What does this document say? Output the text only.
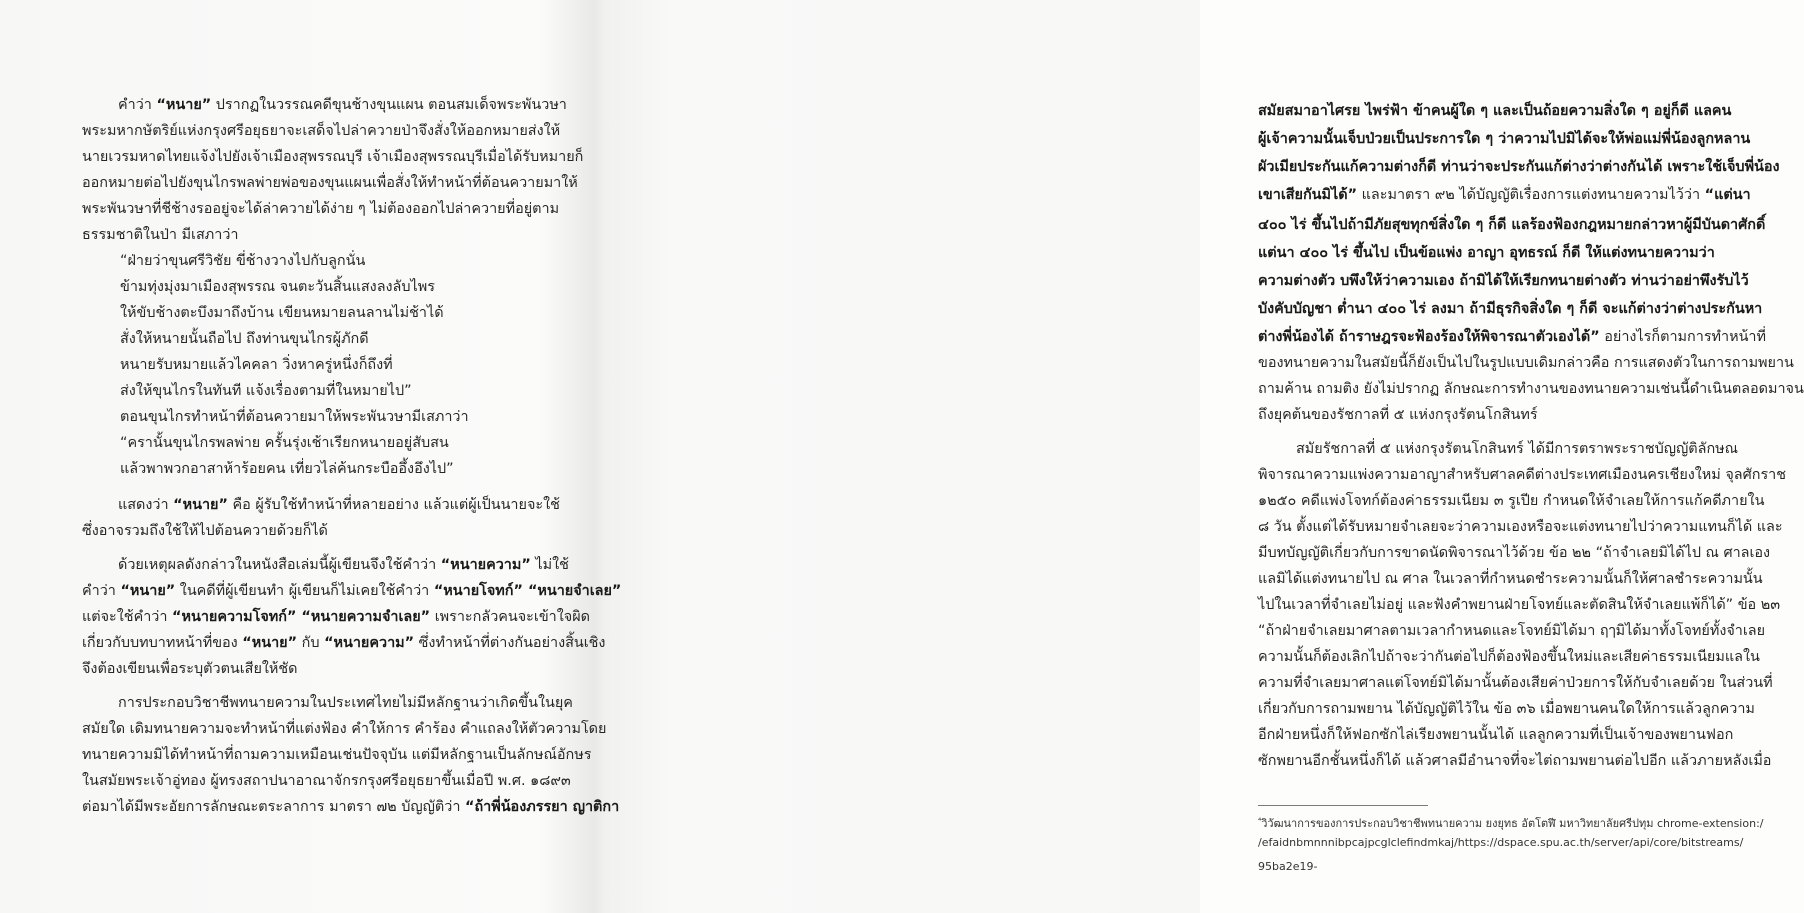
คำว่า “หนาย” ปรากฏในวรรณคดีขุนช้างขุนแผน ตอนสมเด็จพระพันวษา
พระมหากษัตริย์แห่งกรุงศรีอยุธยาจะเสด็จไปล่าควายป่าจึงสั่งให้ออกหมายส่งให้
นายเวรมหาดไทยแจ้งไปยังเจ้าเมืองสุพรรณบุรี เจ้าเมืองสุพรรณบุรีเมื่อได้รับหมายก็
ออกหมายต่อไปยังขุนไกรพลพ่ายพ่อของขุนแผนเพื่อสั่งให้ทำหน้าที่ต้อนควายมาให้
พระพันวษาที่ชีช้างรออยู่จะได้ล่าควายได้ง่าย ๆ ไม่ต้องออกไปล่าควายที่อยู่ตาม
ธรรมชาติในป่า มีเสภาว่า
“ฝ่ายว่าขุนศรีวิชัย ขี่ช้างวางไปกับลูกนั่น
ข้ามทุ่งมุ่งมาเมืองสุพรรณ จนตะวันสิ้นแสงลงลับไพร
ให้ขับช้างตะบึงมาถึงบ้าน เขียนหมายลนลานไม่ช้าได้
สั่งให้หนายนั้นถือไป ถึงท่านขุนไกรผู้ภักดี
หนายรับหมายแล้วไคคลา วิ่งหาครู่หนึ่งก็ถึงที่
ส่งให้ขุนไกรในทันที แจ้งเรื่องตามที่ในหมายไป”
ตอนขุนไกรทำหน้าที่ต้อนควายมาให้พระพันวษามีเสภาว่า
“ครานั้นขุนไกรพลพ่าย ครั้นรุ่งเช้าเรียกหนายอยู่สับสน
แล้วพาพวกอาสาห้าร้อยคน เที่ยวไล่ค้นกระบืออึ้งอึงไป”
แสดงว่า “หนาย” คือ ผู้รับใช้ทำหน้าที่หลายอย่าง แล้วแต่ผู้เป็นนายจะใช้
ซึ่งอาจรวมถึงใช้ให้ไปต้อนควายด้วยก็ได้
ด้วยเหตุผลดังกล่าวในหนังสือเล่มนี้ผู้เขียนจึงใช้คำว่า “หนายความ” ไม่ใช้
คำว่า “หนาย” ในคดีที่ผู้เขียนทำ ผู้เขียนก็ไม่เคยใช้คำว่า “หนายโจทก์” “หนายจำเลย”
แต่จะใช้คำว่า “หนายความโจทก์” “หนายความจำเลย” เพราะกลัวคนจะเข้าใจผิด
เกี่ยวกับบทบาทหน้าที่ของ “หนาย” กับ “หนายความ” ซึ่งทำหน้าที่ต่างกันอย่างสิ้นเชิง
จึงต้องเขียนเพื่อระบุตัวตนเสียให้ชัด
การประกอบวิชาชีพทนายความในประเทศไทยไม่มีหลักฐานว่าเกิดขึ้นในยุค
สมัยใด เดิมทนายความจะทำหน้าที่แต่งฟ้อง คำให้การ คำร้อง คำแถลงให้ตัวความโดย
ทนายความมิได้ทำหน้าที่ถามความเหมือนเช่นปัจจุบัน แต่มีหลักฐานเป็นลักษณ์อักษร
ในสมัยพระเจ้าอู่ทอง ผู้ทรงสถาปนาอาณาจักรกรุงศรีอยุธยาขึ้นเมื่อปี พ.ศ. ๑๘๙๓
ต่อมาได้มีพระอัยการลักษณะตระลาการ มาตรา ๗๒ บัญญัติว่า “ถ้าพี่น้องภรรยา ญาติกา
$^{^4}$วิวัฒนาการของการประกอบวิชาชีพทนายความ ยงยุทธ อัตโตฬี มหาวิทยาลัยศรีปทุม chrome-extension:/
/efaidnbmnnnibpcajpcglclefindmkaj/https://dspace.spu.ac.th/server/api/core/bitstreams/
95ba2e19-
สมัยสมาอาไศรย ไพร่ฟ้า ข้าคนผู้ใด ๆ และเป็นถ้อยความสิ่งใด ๆ อยู่ก็ดี แลคน
ผู้เจ้าความนั้นเจ็บป่วยเป็นประการใด ๆ ว่าความไปมิได้จะให้พ่อแม่พี่น้องลูกหลาน
ผัวเมียประกันแก้ความต่างก็ดี ท่านว่าจะประกันแก้ต่างว่าต่างกันได้ เพราะใช้เจ็บพี่น้อง
เขาเสียกันมิได้” และมาตรา ๙๒ ได้บัญญัติเรื่องการแต่งทนายความไว้ว่า “แต่นา
๔๐๐ ไร่ ขึ้นไปถ้ามีภัยสุขทุกข์สิ่งใด ๆ ก็ดี แลร้องฟ้องกฎหมายกล่าวหาผู้มีบันดาศักดิ์
แต่นา ๔๐๐ ไร่ ขึ้นไป เป็นข้อแพ่ง อาญา อุทธรณ์ ก็ดี ให้แต่งทนายความว่า
ความต่างตัว บพึงให้ว่าความเอง ถ้ามิได้ให้เรียกทนายต่างตัว ท่านว่าอย่าพึงรับไว้
บังคับบัญชา ต่ำนา ๔๐๐ ไร่ ลงมา ถ้ามีธุรกิจสิ่งใด ๆ ก็ดี จะแก้ต่างว่าต่างประกันหา
ต่างพี่น้องได้ ถ้าราษฎรจะฟ้องร้องให้พิจารณาตัวเองได้” อย่างไรก็ตามการทำหน้าที่
ของทนายความในสมัยนี้ก็ยังเป็นไปในรูปแบบเดิมกล่าวคือ การแสดงตัวในการถามพยาน
ถามค้าน ถามติง ยังไม่ปรากฏ ลักษณะการทำงานของทนายความเช่นนี้ดำเนินตลอดมาจน
ถึงยุคต้นของรัชกาลที่ ๕ แห่งกรุงรัตนโกสินทร์
สมัยรัชกาลที่ ๕ แห่งกรุงรัตนโกสินทร์ ได้มีการตราพระราชบัญญัติลักษณ
พิจารณาความแพ่งความอาญาสำหรับศาลคดีต่างประเทศเมืองนครเชียงใหม่ จุลศักราช
๑๒๕๐ คดีแพ่งโจทก์ต้องค่าธรรมเนียม ๓ รูเปีย กำหนดให้จำเลยให้การแก้คดีภายใน
๘ วัน ตั้งแต่ได้รับหมายจำเลยจะว่าความเองหรือจะแต่งทนายไปว่าความแทนก็ได้ และ
มีบทบัญญัติเกี่ยวกับการขาดนัดพิจารณาไว้ด้วย ข้อ ๒๒ “ถ้าจำเลยมิได้ไป ณ ศาลเอง
แลมิได้แต่งทนายไป ณ ศาล ในเวลาที่กำหนดชำระความนั้นก็ให้ศาลชำระความนั้น
ไปในเวลาที่จำเลยไม่อยู่ และฟังคำพยานฝ่ายโจทย์และตัดสินให้จำเลยแพ้ก็ได้” ข้อ ๒๓
“ถ้าฝ่ายจำเลยมาศาลตามเวลากำหนดและโจทย์มิได้มา ฤๅมิได้มาทั้งโจทย์ทั้งจำเลย
ความนั้นก็ต้องเลิกไปถ้าจะว่ากันต่อไปก็ต้องฟ้องขึ้นใหม่และเสียค่าธรรมเนียมแลใน
ความที่จำเลยมาศาลแต่โจทย์มิได้มานั้นต้องเสียค่าป่วยการให้กับจำเลยด้วย ในส่วนที่
เกี่ยวกับการถามพยาน ได้บัญญัติไว้ใน ข้อ ๓๖ เมื่อพยานคนใดให้การแล้วลูกความ
อีกฝ่ายหนึ่งก็ให้ฟอกซักไล่เรียงพยานนั้นได้ แลลูกความที่เป็นเจ้าของพยานฟอก
ซักพยานอีกชั้นหนึ่งก็ได้ แล้วศาลมีอำนาจที่จะไต่ถามพยานต่อไปอีก แล้วภายหลังเมื่อ
